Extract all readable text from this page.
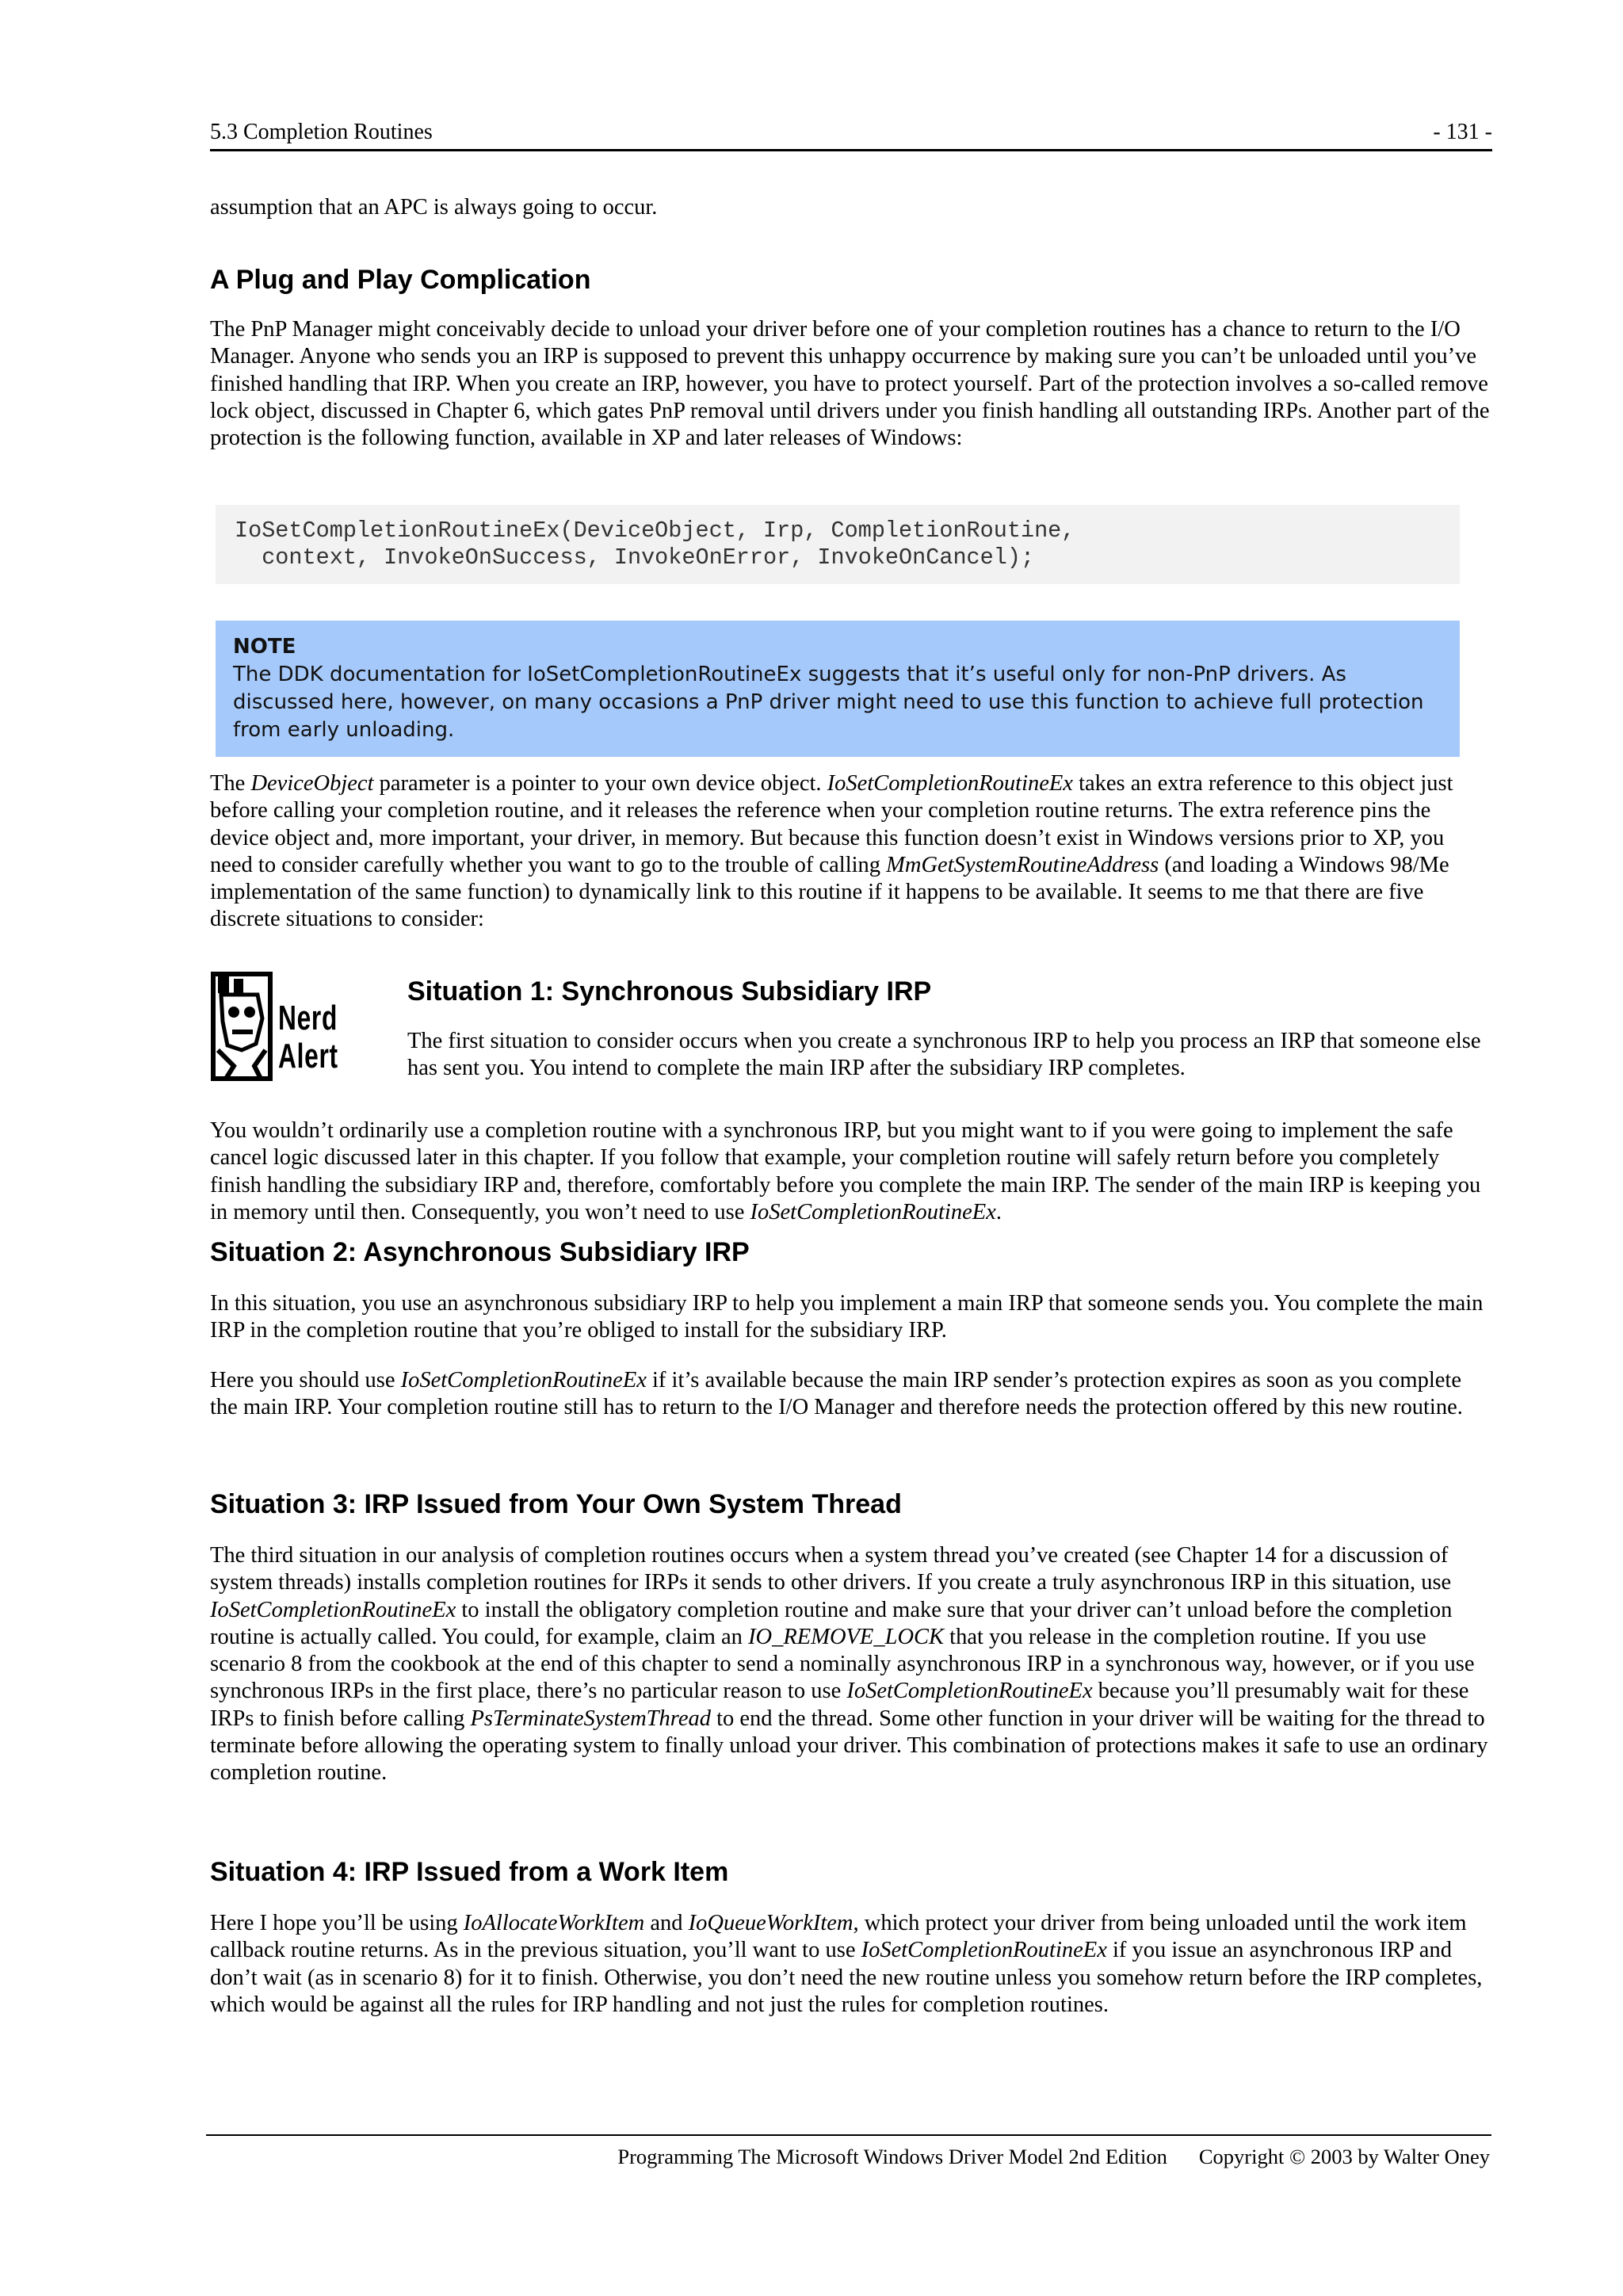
5.3 Completion Routines	- 131 -

assumption that an APC is always going to occur.

A Plug and Play Complication

The PnP Manager might conceivably decide to unload your driver before one of your completion routines has a chance to return to the I/O Manager. Anyone who sends you an IRP is supposed to prevent this unhappy occurrence by making sure you can’t be unloaded until you’ve finished handling that IRP. When you create an IRP, however, you have to protect yourself. Part of the protection involves a so-called remove lock object, discussed in Chapter 6, which gates PnP removal until drivers under you finish handling all outstanding IRPs. Another part of the protection is the following function, available in XP and later releases of Windows:

IoSetCompletionRoutineEx(DeviceObject, Irp, CompletionRoutine,
context, InvokeOnSuccess, InvokeOnError, InvokeOnCancel);
NOTE
The DDK documentation for IoSetCompletionRoutineEx suggests that it’s useful only for non-PnP drivers. As discussed here, however, on many occasions a PnP driver might need to use this function to achieve full protection from early unloading.

The DeviceObject parameter is a pointer to your own device object. IoSetCompletionRoutineEx takes an extra reference to this object just before calling your completion routine, and it releases the reference when your completion routine returns. The extra reference pins the device object and, more important, your driver, in memory. But because this function doesn’t exist in Windows versions prior to XP, you need to consider carefully whether you want to go to the trouble of calling MmGetSystemRoutineAddress (and loading a Windows 98/Me implementation of the same function) to dynamically link to this routine if it happens to be available. It seems to me that there are five discrete situations to consider:

Nerd
Alert
Situation 1: Synchronous Subsidiary IRP

The first situation to consider occurs when you create a synchronous IRP to help you process an IRP that someone else has sent you. You intend to complete the main IRP after the subsidiary IRP completes.

You wouldn’t ordinarily use a completion routine with a synchronous IRP, but you might want to if you were going to implement the safe cancel logic discussed later in this chapter. If you follow that example, your completion routine will safely return before you completely finish handling the subsidiary IRP and, therefore, comfortably before you complete the main IRP. The sender of the main IRP is keeping you in memory until then. Consequently, you won’t need to use IoSetCompletionRoutineEx.

Situation 2: Asynchronous Subsidiary IRP

In this situation, you use an asynchronous subsidiary IRP to help you implement a main IRP that someone sends you. You complete the main IRP in the completion routine that you’re obliged to install for the subsidiary IRP.

Here you should use IoSetCompletionRoutineEx if it’s available because the main IRP sender’s protection expires as soon as you complete the main IRP. Your completion routine still has to return to the I/O Manager and therefore needs the protection offered by this new routine.

Situation 3: IRP Issued from Your Own System Thread

The third situation in our analysis of completion routines occurs when a system thread you’ve created (see Chapter 14 for a discussion of system threads) installs completion routines for IRPs it sends to other drivers. If you create a truly asynchronous IRP in this situation, use IoSetCompletionRoutineEx to install the obligatory completion routine and make sure that your driver can’t unload before the completion routine is actually called. You could, for example, claim an IO_REMOVE_LOCK that you release in the completion routine. If you use scenario 8 from the cookbook at the end of this chapter to send a nominally asynchronous IRP in a synchronous way, however, or if you use synchronous IRPs in the first place, there’s no particular reason to use IoSetCompletionRoutineEx because you’ll presumably wait for these IRPs to finish before calling PsTerminateSystemThread to end the thread. Some other function in your driver will be waiting for the thread to terminate before allowing the operating system to finally unload your driver. This combination of protections makes it safe to use an ordinary completion routine.

Situation 4: IRP Issued from a Work Item

Here I hope you’ll be using IoAllocateWorkItem and IoQueueWorkItem, which protect your driver from being unloaded until the work item callback routine returns. As in the previous situation, you’ll want to use IoSetCompletionRoutineEx if you issue an asynchronous IRP and don’t wait (as in scenario 8) for it to finish. Otherwise, you don’t need the new routine unless you somehow return before the IRP completes, which would be against all the rules for IRP handling and not just the rules for completion routines.

Programming The Microsoft Windows Driver Model 2nd Edition Copyright © 2003 by Walter Oney
